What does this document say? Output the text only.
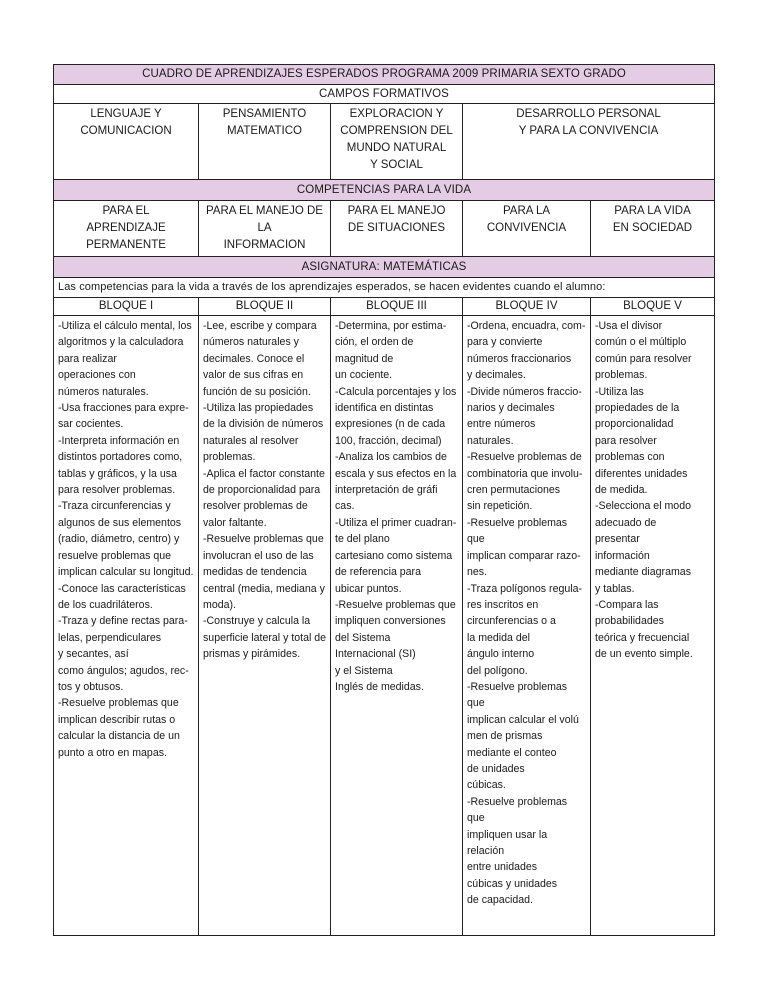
CUADRO DE APRENDIZAJES ESPERADOS PROGRAMA 2009 PRIMARIA SEXTO GRADO
CAMPOS FORMATIVOS
LENGUAJE Y
COMUNICACION
PENSAMIENTO
MATEMATICO
EXPLORACION Y
COMPRENSION DEL
MUNDO NATURAL
Y SOCIAL
DESARROLLO PERSONAL
Y PARA LA CONVIVENCIA
COMPETENCIAS PARA LA VIDA
PARA EL
APRENDIZAJE
PERMANENTE
PARA EL MANEJO DE LA
INFORMACION
PARA EL MANEJO
DE SITUACIONES
PARA LA CONVIVENCIA
PARA LA VIDA
EN SOCIEDAD
ASIGNATURA: MATEMÁTICAS
Las competencias para la vida a través de los aprendizajes esperados, se hacen evidentes cuando el alumno:
BLOQUE I
-Utiliza el cálculo mental, los
algoritmos y la calculadora
para realizar
operaciones con
números naturales.
-Usa fracciones para expre-
sar cocientes.
-Interpreta información en
distintos portadores como,
tablas y gráficos, y la usa
para resolver problemas.
-Traza circunferencias y
algunos de sus elementos
(radio, diámetro, centro) y
resuelve problemas que
implican calcular su longitud.
-Conoce las características
de los cuadriláteros.
-Traza y define rectas para-
lelas, perpendiculares
y secantes, así
como ángulos; agudos, rec-
tos y obtusos.
-Resuelve problemas que
implican describir rutas o
calcular la distancia de un
punto a otro en mapas.
BLOQUE II
-Lee, escribe y compara
números naturales y
decimales. Conoce el
valor de sus cifras en
función de su posición.
-Utiliza las propiedades
de la división de números
naturales al resolver
problemas.
-Aplica el factor constante
de proporcionalidad para
resolver problemas de
valor faltante.
-Resuelve problemas que
involucran el uso de las
medidas de tendencia
central (media, mediana y
moda).
-Construye y calcula la
superficie lateral y total de
prismas y pirámides.
BLOQUE III
-Determina, por estima-
ción, el orden de
magnitud de
un cociente.
-Calcula porcentajes y los
identifica en distintas
expresiones (n de cada
100, fracción, decimal)
-Analiza los cambios de
escala y sus efectos en la
interpretación de gráfi
cas.
-Utiliza el primer cuadran-
te del plano
cartesiano como sistema
de referencia para
ubicar puntos.
-Resuelve problemas que
impliquen conversiones
del Sistema
Internacional (SI)
y el Sistema
Inglés de medidas.
BLOQUE IV
-Ordena, encuadra, com-
para y convierte
números fraccionarios
y decimales.
-Divide números fraccio-
narios y decimales
entre números
naturales.
-Resuelve problemas de
combinatoria que involu-
cren permutaciones
sin repetición.
-Resuelve problemas que
implican comparar razo-
nes.
-Traza polígonos regula-
res inscritos en
circunferencias o a
la medida del
ángulo interno
del polígono.
-Resuelve problemas que
implican calcular el volú
men de prismas
mediante el conteo
de unidades
cúbicas.
-Resuelve problemas que
impliquen usar la relación
entre unidades
cúbicas y unidades
de capacidad.
BLOQUE V
-Usa el divisor
común o el múltiplo
común para resolver
problemas.
-Utiliza las
propiedades de la
proporcionalidad
para resolver
problemas con
diferentes unidades
de medida.
-Selecciona el modo
adecuado de
presentar
información
mediante diagramas
y tablas.
-Compara las
probabilidades
teórica y frecuencial
de un evento simple.
